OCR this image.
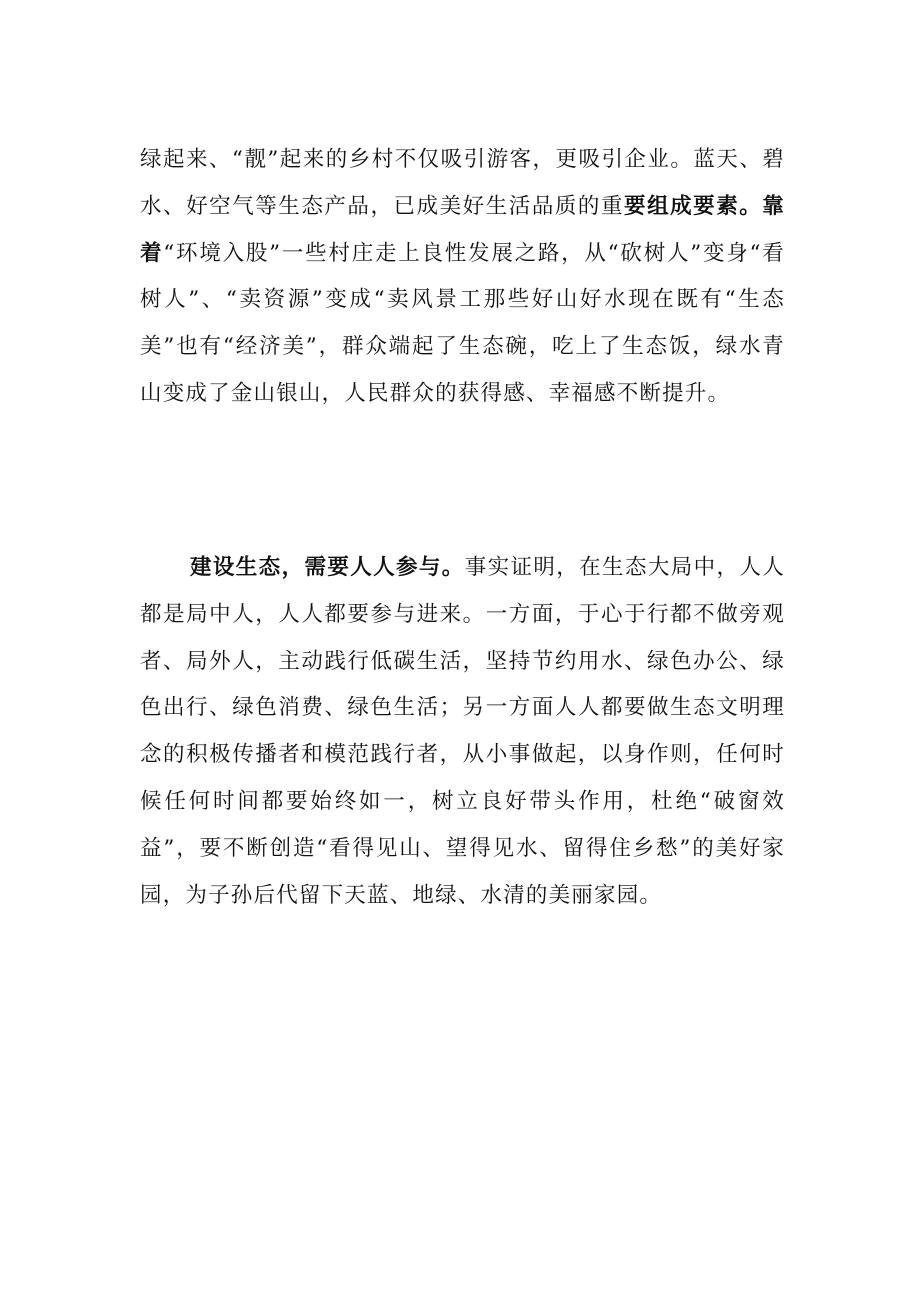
绿起来、“靓”起来的乡村不仅吸引游客，更吸引企业。蓝天、碧水、好空气等生态产品，已成美好生活品质的重要组成要素。靠着“环境入股”一些村庄走上良性发展之路，从“砍树人”变身“看树人”、“卖资源”变成“卖风景工那些好山好水现在既有“生态美”也有“经济美”，群众端起了生态碗，吃上了生态饭，绿水青山变成了金山银山，人民群众的获得感、幸福感不断提升。

建设生态，需要人人参与。事实证明，在生态大局中，人人都是局中人，人人都要参与进来。一方面，于心于行都不做旁观者、局外人，主动践行低碳生活，坚持节约用水、绿色办公、绿色出行、绿色消费、绿色生活；另一方面人人都要做生态文明理念的积极传播者和模范践行者，从小事做起，以身作则，任何时候任何时间都要始终如一，树立良好带头作用，杜绝“破窗效益”，要不断创造“看得见山、望得见水、留得住乡愁”的美好家园，为子孙后代留下天蓝、地绿、水清的美丽家园。
